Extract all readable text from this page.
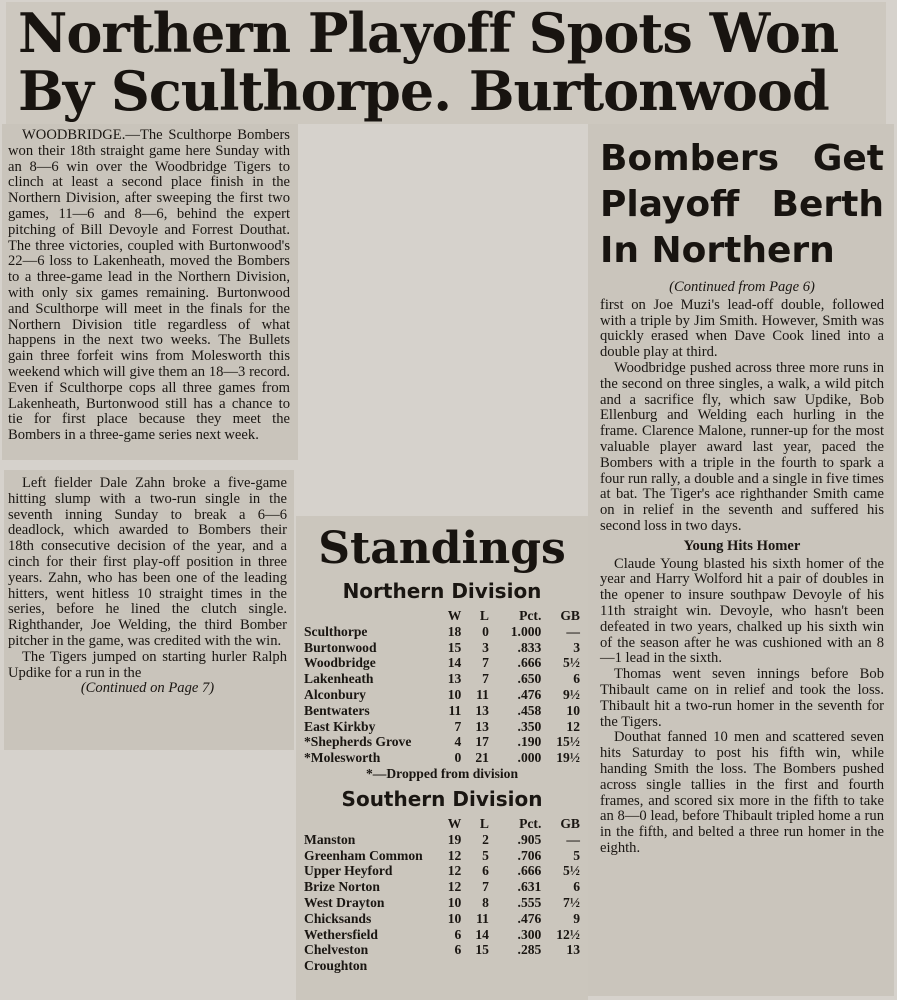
Northern Playoff Spots Won
By Sculthorpe. Burtonwood

WOODBRIDGE.—The Sculthorpe Bombers won their 18th straight game here Sunday with an 8—6 win over the Woodbridge Tigers to clinch at least a second place finish in the Northern Division, after sweeping the first two games, 11—6 and 8—6, behind the expert pitching of Bill Devoyle and Forrest Douthat. The three victories, coupled with Burtonwood's 22—6 loss to Lakenheath, moved the Bombers to a three-game lead in the Northern Division, with only six games remaining. Burtonwood and Sculthorpe will meet in the finals for the Northern Division title regardless of what happens in the next two weeks. The Bullets gain three forfeit wins from Molesworth this weekend which will give them an 18—3 record. Even if Sculthorpe cops all three games from Lakenheath, Burtonwood still has a chance to tie for first place because they meet the Bombers in a three-game series next week.

Left fielder Dale Zahn broke a five-game hitting slump with a two-run single in the seventh inning Sunday to break a 6—6 deadlock, which awarded to Bombers their 18th consecutive decision of the year, and a cinch for their first play-off position in three years. Zahn, who has been one of the leading hitters, went hitless 10 straight times in the series, before he lined the clutch single. Righthander, Joe Welding, the third Bomber pitcher in the game, was credited with the win.

The Tigers jumped on starting hurler Ralph Updike for a run in the

(Continued on Page 7)
Standings
Northern Division
	W	L	Pct.	GB
Sculthorpe	18	0	1.000	—
Burtonwood	15	3	.833	3
Woodbridge	14	7	.666	5½
Lakenheath	13	7	.650	6
Alconbury	10	11	.476	9½
Bentwaters	11	13	.458	10
East Kirkby	7	13	.350	12
*Shepherds Grove	4	17	.190	15½
*Molesworth	0	21	.000	19½
*—Dropped from division
Southern Division
	W	L	Pct.	GB
Manston	19	2	.905	—
Greenham Common	12	5	.706	5
Upper Heyford	12	6	.666	5½
Brize Norton	12	7	.631	6
West Drayton	10	8	.555	7½
Chicksands	10	11	.476	9
Wethersfield	6	14	.300	12½
Chelveston	6	15	.285	13
Croughton				
Bombers Get Playoff Berth In Northern
(Continued from Page 6)

first on Joe Muzi's lead-off double, followed with a triple by Jim Smith. However, Smith was quickly erased when Dave Cook lined into a double play at third.

Woodbridge pushed across three more runs in the second on three singles, a walk, a wild pitch and a sacrifice fly, which saw Updike, Bob Ellenburg and Welding each hurling in the frame. Clarence Malone, runner-up for the most valuable player award last year, paced the Bombers with a triple in the fourth to spark a four run rally, a double and a single in five times at bat. The Tiger's ace righthander Smith came on in relief in the seventh and suffered his second loss in two days.

Young Hits Homer

Claude Young blasted his sixth homer of the year and Harry Wolford hit a pair of doubles in the opener to insure southpaw Devoyle of his 11th straight win. Devoyle, who hasn't been defeated in two years, chalked up his sixth win of the season after he was cushioned with an 8—1 lead in the sixth.

Thomas went seven innings before Bob Thibault came on in relief and took the loss. Thibault hit a two-run homer in the seventh for the Tigers.

Douthat fanned 10 men and scattered seven hits Saturday to post his fifth win, while handing Smith the loss. The Bombers pushed across single tallies in the first and fourth frames, and scored six more in the fifth to take an 8—0 lead, before Thibault tripled home a run in the fifth, and belted a three run homer in the eighth.
